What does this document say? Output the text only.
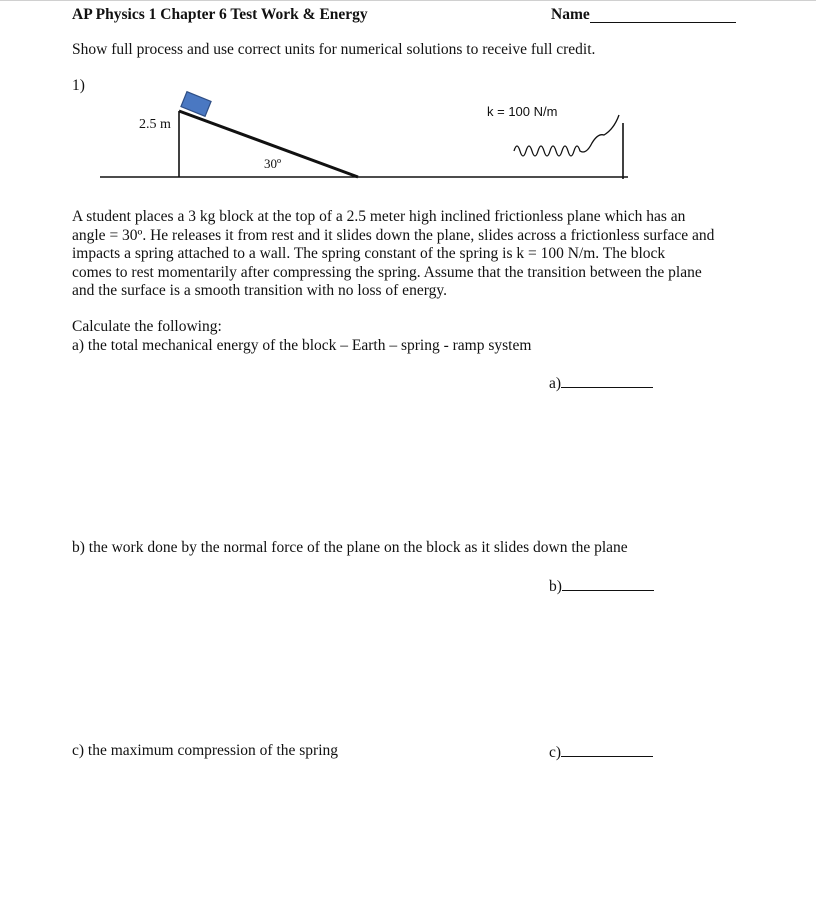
AP Physics 1 Chapter 6 Test Work & Energy	Name
Show full process and use correct units for numerical solutions to receive full credit.
1)
2.5 m
30º
k = 100 N/m
A student places a 3 kg block at the top of a 2.5 meter high inclined frictionless plane which has an
angle = 30º. He releases it from rest and it slides down the plane, slides across a frictionless surface and
impacts a spring attached to a wall. The spring constant of the spring is k = 100 N/m. The block
comes to rest momentarily after compressing the spring. Assume that the transition between the plane
and the surface is a smooth transition with no loss of energy.
Calculate the following:
a) the total mechanical energy of the block – Earth – spring - ramp system
a)
b) the work done by the normal force of the plane on the block as it slides down the plane
b)
c) the maximum compression of the spring	c)
